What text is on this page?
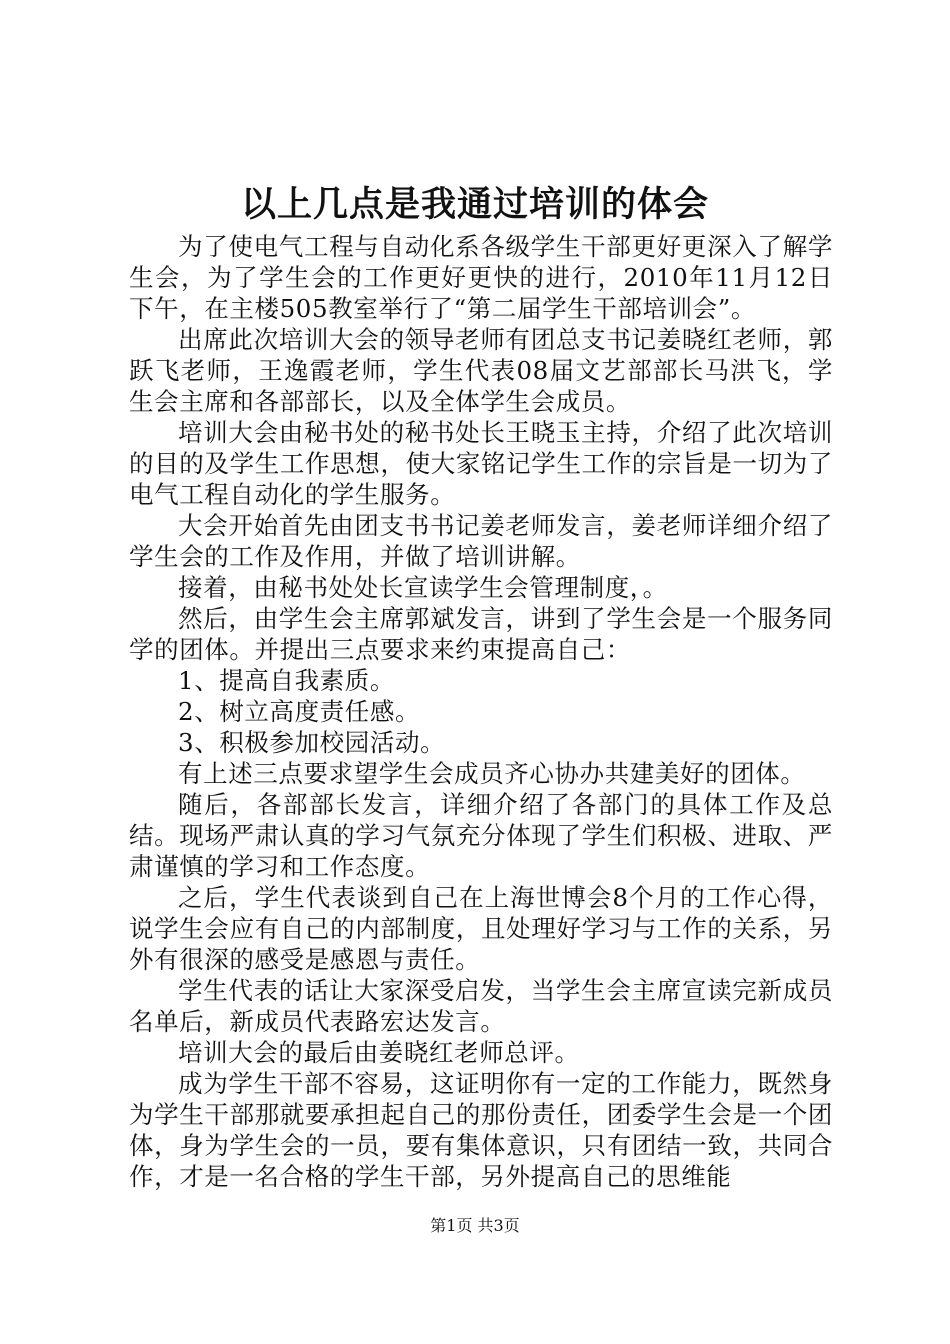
以上几点是我通过培训的体会

为了使电气工程与自动化系各级学生干部更好更深入了解学生会，为了学生会的工作更好更快的进行，2010年11月12日下午，在主楼505教室举行了“第二届学生干部培训会”。

出席此次培训大会的领导老师有团总支书记姜晓红老师，郭跃飞老师，王逸霞老师，学生代表08届文艺部部长马洪飞，学生会主席和各部部长，以及全体学生会成员。

培训大会由秘书处的秘书处长王晓玉主持，介绍了此次培训的目的及学生工作思想，使大家铭记学生工作的宗旨是一切为了电气工程自动化的学生服务。

大会开始首先由团支书书记姜老师发言，姜老师详细介绍了学生会的工作及作用，并做了培训讲解。

接着，由秘书处处长宣读学生会管理制度，。

然后，由学生会主席郭斌发言，讲到了学生会是一个服务同学的团体。并提出三点要求来约束提高自己：

1、提高自我素质。

2、树立高度责任感。

3、积极参加校园活动。

有上述三点要求望学生会成员齐心协办共建美好的团体。

随后，各部部长发言，详细介绍了各部门的具体工作及总结。现场严肃认真的学习气氛充分体现了学生们积极、进取、严肃谨慎的学习和工作态度。

之后，学生代表谈到自己在上海世博会8个月的工作心得，说学生会应有自己的内部制度，且处理好学习与工作的关系，另外有很深的感受是感恩与责任。

学生代表的话让大家深受启发，当学生会主席宣读完新成员名单后，新成员代表路宏达发言。

培训大会的最后由姜晓红老师总评。

成为学生干部不容易，这证明你有一定的工作能力，既然身为学生干部那就要承担起自己的那份责任，团委学生会是一个团体，身为学生会的一员，要有集体意识，只有团结一致，共同合作，才是一名合格的学生干部，另外提高自己的思维能

第1页 共3页
